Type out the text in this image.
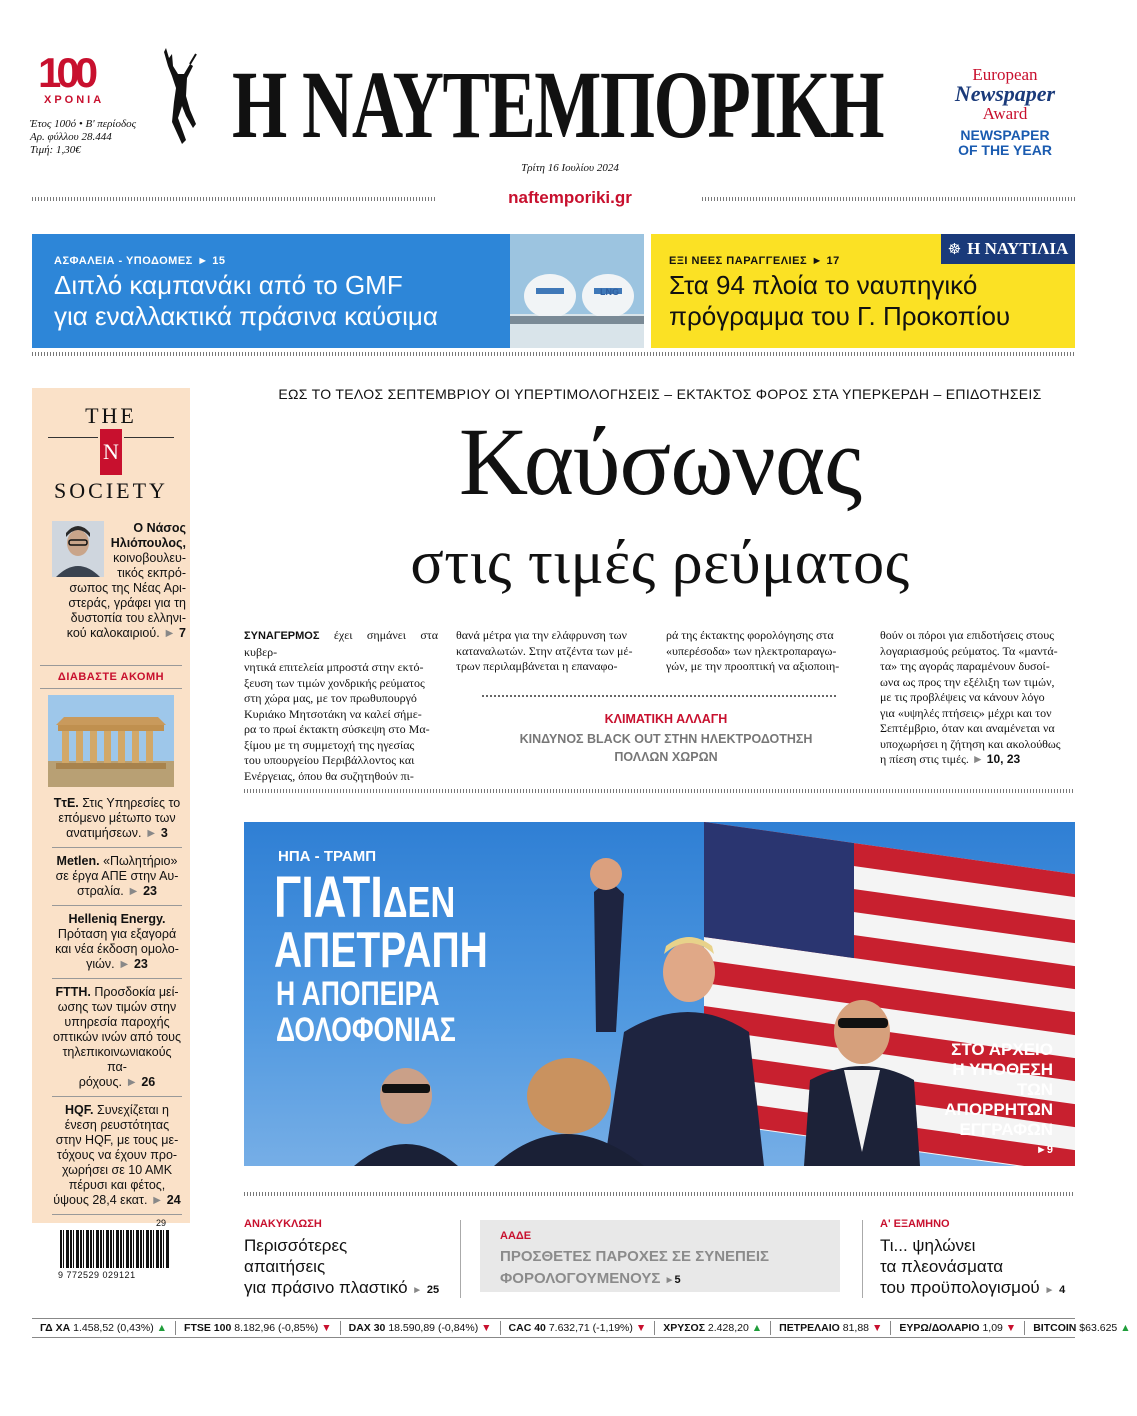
100
ΧΡΟΝΙΑ
Έτος 100ό • Β' περίοδος
Αρ. φύλλου 28.444
Τιμή: 1,30€	Η ΝΑΥΤΕΜΠΟΡΙΚΗ
Τρίτη 16 Ιουλίου 2024
naftemporiki.gr
European
Newspaper
Award
NEWSPAPER
OF THE YEAR
ΑΣΦΑΛΕΙΑ - ΥΠΟΔΟΜΕΣ ► 15
Διπλό καμπανάκι από το GMF
για εναλλακτικά πράσινα καύσιμα
LNG
ΕΞΙ ΝΕΕΣ ΠΑΡΑΓΓΕΛΙΕΣ ► 17
☸ Η ΝΑΥΤΙΛΙΑ
Στα 94 πλοία το ναυπηγικό
πρόγραμμα του Γ. Προκοπίου
THE
N
SOCIETY
Ο Νάσος
Ηλιόπουλος,
κοινοβουλευ-
τικός εκπρό-
σωπος της Νέας Αρι-
στεράς, γράφει για τη
δυστοπία του ελληνι-
κού καλοκαιριού. ► 7
ΔΙΑΒΑΣΤΕ ΑΚΟΜΗ
ΤτΕ. Στις Υπηρεσίες το
επόμενο μέτωπο των
ανατιμήσεων. ► 3
Metlen. «Πωλητήριο»
σε έργα ΑΠΕ στην Αυ-
στραλία. ► 23
Helleniq Energy.
Πρόταση για εξαγορά
και νέα έκδοση ομολο-
γιών. ► 23
FTTH. Προσδοκία μεί-
ωσης των τιμών στην
υπηρεσία παροχής
οπτικών ινών από τους
τηλεπικοινωνιακούς πα-
ρόχους. ► 26
HQF. Συνεχίζεται η
ένεση ρευστότητας
στην HQF, με τους με-
τόχους να έχουν προ-
χωρήσει σε 10 ΑΜΚ
πέρυσι και φέτος,
ύψους 28,4 εκατ. ► 24
29
9 772529 029121
ΕΩΣ ΤΟ ΤΕΛΟΣ ΣΕΠΤΕΜΒΡΙΟΥ ΟΙ ΥΠΕΡΤΙΜΟΛΟΓΗΣΕΙΣ – ΕΚΤΑΚΤΟΣ ΦΟΡΟΣ ΣΤΑ ΥΠΕΡΚΕΡΔΗ – ΕΠΙΔΟΤΗΣΕΙΣ
Καύσωνας
στις τιμές ρεύματος
ΣΥΝΑΓΕΡΜΟΣ έχει σημάνει στα κυβερ-
νητικά επιτελεία μπροστά στην εκτό-
ξευση των τιμών χονδρικής ρεύματος
στη χώρα μας, με τον πρωθυπουργό
Κυριάκο Μητσοτάκη να καλεί σήμε-
ρα το πρωί έκτακτη σύσκεψη στο Μα-
ξίμου με τη συμμετοχή της ηγεσίας
του υπουργείου Περιβάλλοντος και
Ενέργειας, όπου θα συζητηθούν πι-
θανά μέτρα για την ελάφρυνση των
καταναλωτών. Στην ατζέντα των μέ-
τρων περιλαμβάνεται η επαναφο-
ρά της έκτακτης φορολόγησης στα
«υπερέσοδα» των ηλεκτροπαραγω-
γών, με την προοπτική να αξιοποιη-
θούν οι πόροι για επιδοτήσεις στους
λογαριασμούς ρεύματος. Τα «μαντά-
τα» της αγοράς παραμένουν δυσοί-
ωνα ως προς την εξέλιξη των τιμών,
με τις προβλέψεις να κάνουν λόγο
για «υψηλές πτήσεις» μέχρι και τον
Σεπτέμβριο, όταν και αναμένεται να
υποχωρήσει η ζήτηση και ακολούθως
η πίεση στις τιμές. ► 10, 23
ΚΛΙΜΑΤΙΚΗ ΑΛΛΑΓΗ
ΚΙΝΔΥΝΟΣ BLACK OUT ΣΤΗΝ ΗΛΕΚΤΡΟΔΟΤΗΣΗ
ΠΟΛΛΩΝ ΧΩΡΩΝ
ΗΠΑ - ΤΡΑΜΠ
ΓΙΑΤΙΔΕΝ
ΑΠΕΤΡΑΠΗ
Η ΑΠΟΠΕΙΡΑ
ΔΟΛΟΦΟΝΙΑΣ
ΣΤΟ ΑΡΧΕΙΟ
Η ΥΠΟΘΕΣΗ
ΤΩΝ
ΑΠΟΡΡΗΤΩΝ
ΕΓΓΡΑΦΩΝ
►9
ΑΝΑΚΥΚΛΩΣΗ
Περισσότερες
απαιτήσεις
για πράσινο πλαστικό ► 25
ΑΑΔΕ
ΠΡΟΣΘΕΤΕΣ ΠΑΡΟΧΕΣ ΣΕ ΣΥΝΕΠΕΙΣ
ΦΟΡΟΛΟΓΟΥΜΕΝΟΥΣ ►5
Α' ΕΞΑΜΗΝΟ
Τι... ψηλώνει
τα πλεονάσματα
του προϋπολογισμού ► 4
ΓΔ ΧΑ
1.458,52 (0,43%)
▲ FTSE 100
8.182,96 (-0,85%)
▼ DAX 30
18.590,89 (-0,84%)
▼ CAC 40
7.632,71 (-1,19%)
▼ ΧΡΥΣΟΣ
2.428,20
▲ ΠΕΤΡΕΛΑΙΟ
81,88
▼ ΕΥΡΩ/ΔΟΛΑΡΙΟ
1,09
▼ BITCOIN
$63.625
▲
